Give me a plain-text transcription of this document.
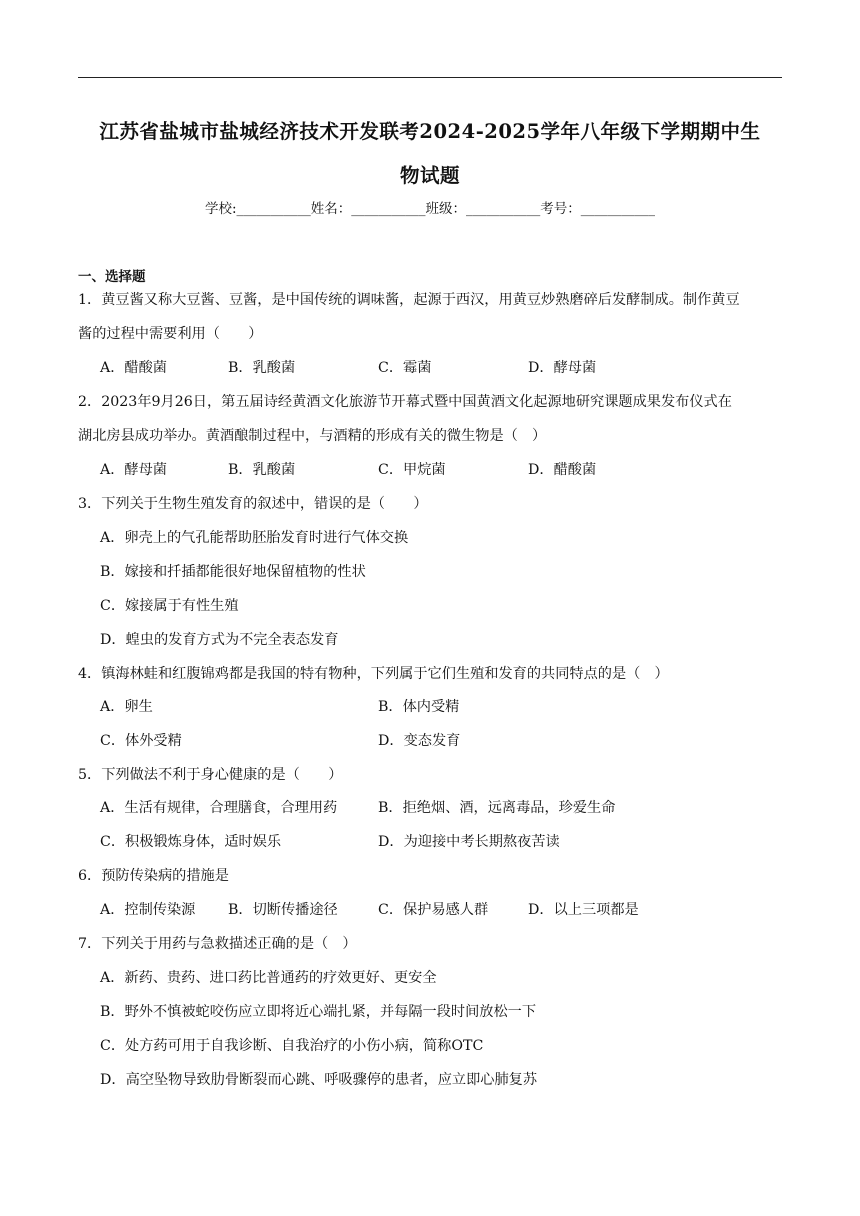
江苏省盐城市盐城经济技术开发联考2024-2025学年八年级下学期期中生
物试题
学校:___________姓名：___________班级：___________考号：___________
一、选择题
1．黄豆酱又称大豆酱、豆酱，是中国传统的调味酱，起源于西汉，用黄豆炒熟磨碎后发酵制成。制作黄豆
酱的过程中需要利用（　　）
A．醋酸菌	B．乳酸菌	C．霉菌	D．酵母菌
2．2023年9月26日，第五届诗经黄酒文化旅游节开幕式暨中国黄酒文化起源地研究课题成果发布仪式在
湖北房县成功举办。黄酒酿制过程中，与酒精的形成有关的微生物是（　）
A．酵母菌	B．乳酸菌	C．甲烷菌	D．醋酸菌
3．下列关于生物生殖发育的叙述中，错误的是（　　）
A．卵壳上的气孔能帮助胚胎发育时进行气体交换
B．嫁接和扦插都能很好地保留植物的性状
C．嫁接属于有性生殖
D．蝗虫的发育方式为不完全表态发育
4．镇海林蛙和红腹锦鸡都是我国的特有物种，下列属于它们生殖和发育的共同特点的是（　）
A．卵生	B．体内受精
C．体外受精	D．变态发育
5．下列做法不利于身心健康的是（　　）
A．生活有规律，合理膳食，合理用药	B．拒绝烟、酒，远离毒品，珍爱生命
C．积极锻炼身体，适时娱乐	D．为迎接中考长期熬夜苦读
6．预防传染病的措施是
A．控制传染源 B．切断传播途径	C．保护易感人群	D．以上三项都是
7．下列关于用药与急救描述正确的是（　）
A．新药、贵药、进口药比普通药的疗效更好、更安全
B．野外不慎被蛇咬伤应立即将近心端扎紧，并每隔一段时间放松一下
C．处方药可用于自我诊断、自我治疗的小伤小病，简称OTC
D．高空坠物导致肋骨断裂而心跳、呼吸骤停的患者，应立即心肺复苏
